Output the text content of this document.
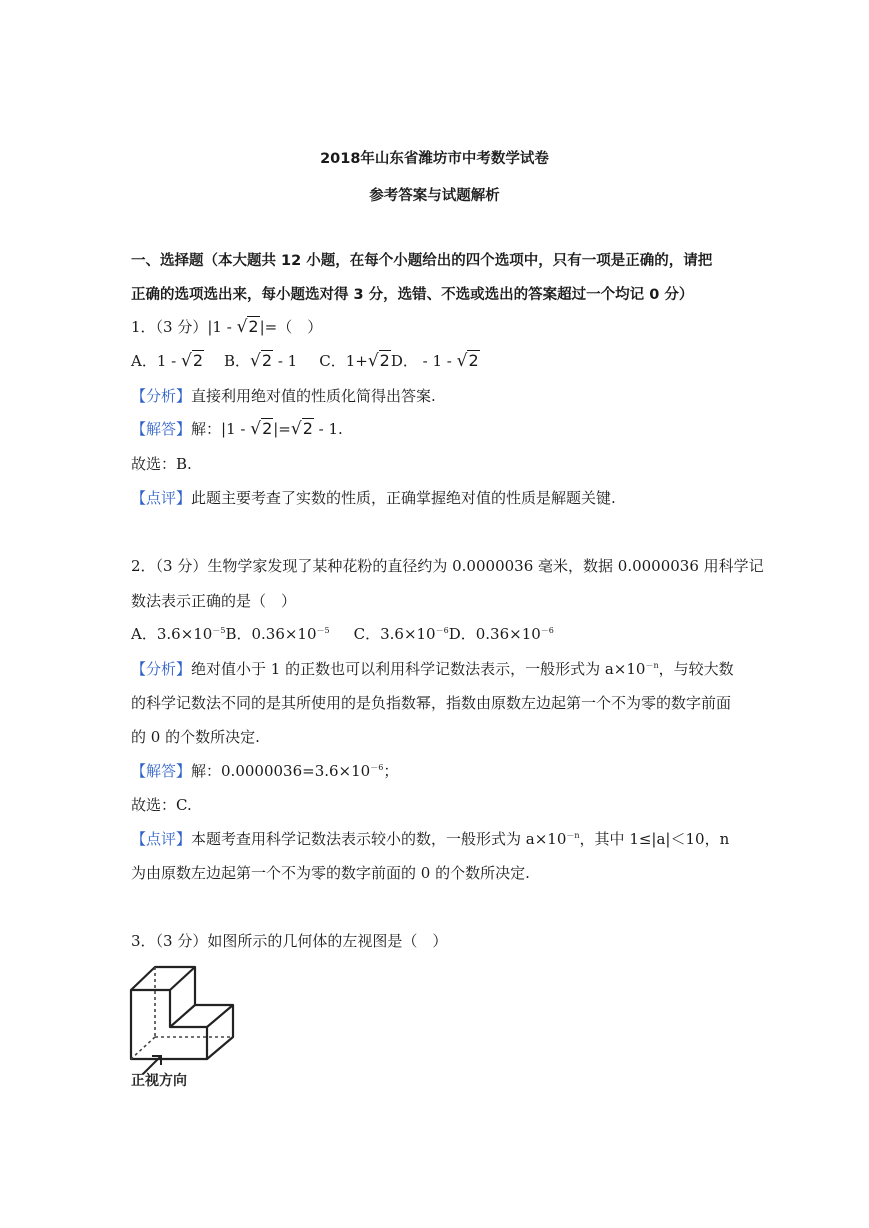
2018年山东省潍坊市中考数学试卷
参考答案与试题解析
一、选择题（本大题共 12 小题，在每个小题给出的四个选项中，只有一项是正确的，请把
正确的选项选出来，每小题选对得 3 分，选错、不选或选出的答案超过一个均记 0 分）
1．（3 分）|1 - √2|=（　）
A．1 - √2 B．√2 - 1 C．1+√2D． - 1 - √2
【分析】直接利用绝对值的性质化简得出答案.
【解答】解：|1 - √2|=√2 - 1.
故选：B.
【点评】此题主要考查了实数的性质，正确掌握绝对值的性质是解题关键.
2．（3 分）生物学家发现了某种花粉的直径约为 0.0000036 毫米，数据 0.0000036 用科学记
数法表示正确的是（　）
A．$3.6\times 10^{-5}B$．$0.36\times 10^{-5}$ C．$3.6\times 10^{-6}D$．$0.36\times 10^{-6}$
【分析】绝对值小于 1 的正数也可以利用科学记数法表示，一般形式为 $a\times 10^{-n}$，与较大数
的科学记数法不同的是其所使用的是负指数幂，指数由原数左边起第一个不为零的数字前面
的 0 的个数所决定.
【解答】解：$0.0000036=3.6\times 10^{-6}$；
故选：C.
【点评】本题考查用科学记数法表示较小的数，一般形式为 $a\times 10^{-n}$，其中 1≤|a|＜10，n
为由原数左边起第一个不为零的数字前面的 0 的个数所决定.
3．（3 分）如图所示的几何体的左视图是（　）
正视方向
